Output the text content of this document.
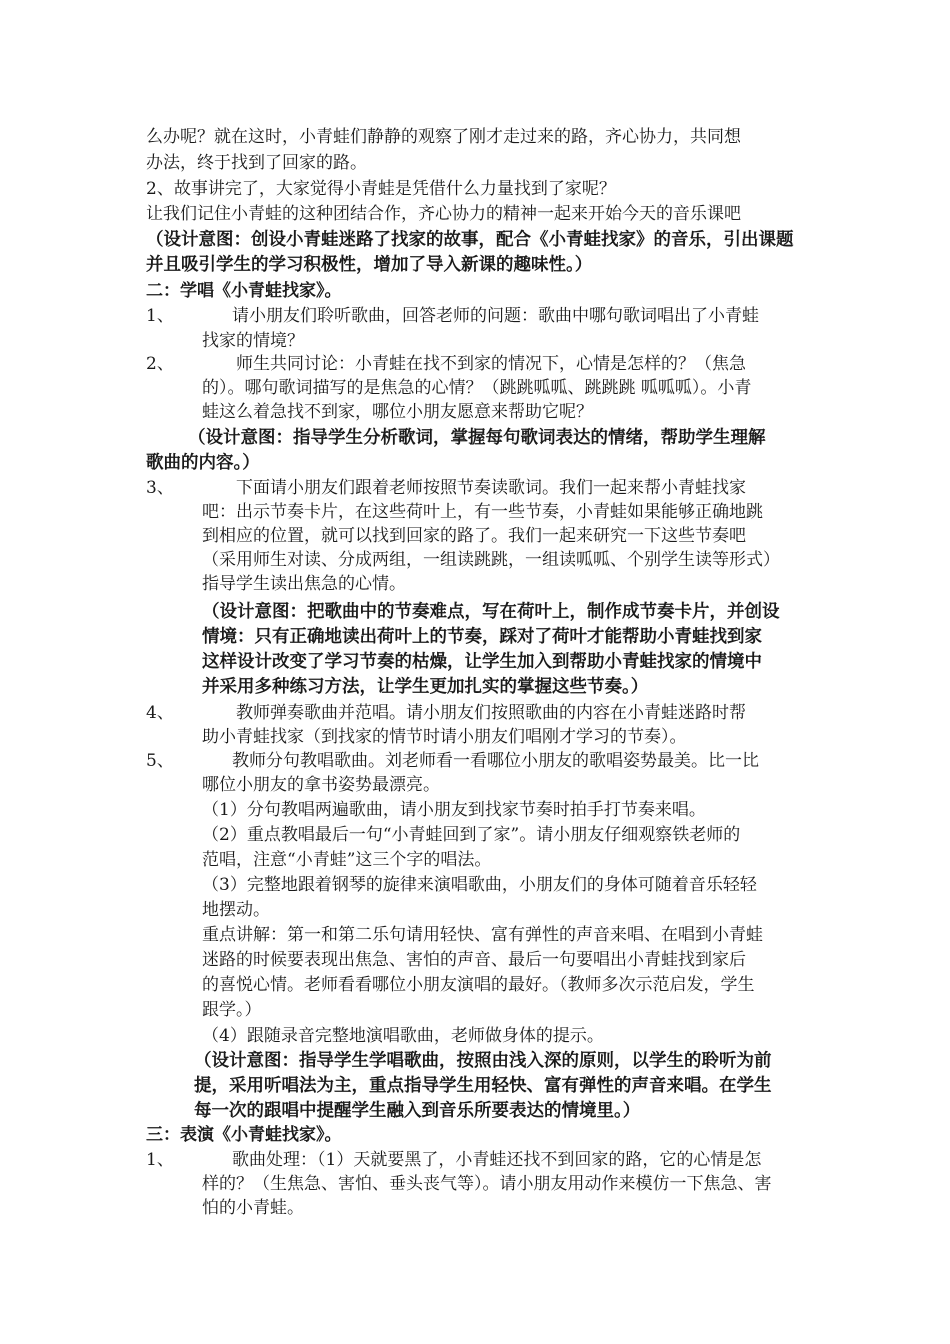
么办呢？就在这时，小青蛙们静静的观察了刚才走过来的路，齐心协力，共同想
办法，终于找到了回家的路。
2、故事讲完了，大家觉得小青蛙是凭借什么力量找到了家呢？
让我们记住小青蛙的这种团结合作，齐心协力的精神一起来开始今天的音乐课吧
（设计意图：创设小青蛙迷路了找家的故事，配合《小青蛙找家》的音乐，引出课题
并且吸引学生的学习积极性，增加了导入新课的趣味性。）
二：学唱《小青蛙找家》。
1、	请小朋友们聆听歌曲，回答老师的问题：歌曲中哪句歌词唱出了小青蛙
找家的情境？
2、	师生共同讨论：小青蛙在找不到家的情况下，心情是怎样的？（焦急
的）。哪句歌词描写的是焦急的心情？（跳跳呱呱、跳跳跳 呱呱呱）。小青
蛙这么着急找不到家，哪位小朋友愿意来帮助它呢？
（设计意图：指导学生分析歌词，掌握每句歌词表达的情绪，帮助学生理解
歌曲的内容。）
3、	下面请小朋友们跟着老师按照节奏读歌词。我们一起来帮小青蛙找家
吧：出示节奏卡片，在这些荷叶上，有一些节奏，小青蛙如果能够正确地跳
到相应的位置，就可以找到回家的路了。我们一起来研究一下这些节奏吧
（采用师生对读、分成两组，一组读跳跳，一组读呱呱、个别学生读等形式）
指导学生读出焦急的心情。
（设计意图：把歌曲中的节奏难点，写在荷叶上，制作成节奏卡片，并创设
情境：只有正确地读出荷叶上的节奏，踩对了荷叶才能帮助小青蛙找到家
这样设计改变了学习节奏的枯燥，让学生加入到帮助小青蛙找家的情境中
并采用多种练习方法，让学生更加扎实的掌握这些节奏。）
4、	教师弹奏歌曲并范唱。请小朋友们按照歌曲的内容在小青蛙迷路时帮
助小青蛙找家（到找家的情节时请小朋友们唱刚才学习的节奏）。
5、	教师分句教唱歌曲。刘老师看一看哪位小朋友的歌唱姿势最美。比一比
哪位小朋友的拿书姿势最漂亮。
（1）分句教唱两遍歌曲，请小朋友到找家节奏时拍手打节奏来唱。
（2）重点教唱最后一句“小青蛙回到了家”。请小朋友仔细观察铁老师的
范唱，注意“小青蛙”这三个字的唱法。
（3）完整地跟着钢琴的旋律来演唱歌曲，小朋友们的身体可随着音乐轻轻
地摆动。
重点讲解：第一和第二乐句请用轻快、富有弹性的声音来唱、在唱到小青蛙
迷路的时候要表现出焦急、害怕的声音、最后一句要唱出小青蛙找到家后
的喜悦心情。老师看看哪位小朋友演唱的最好。（教师多次示范启发，学生
跟学。）
（4）跟随录音完整地演唱歌曲，老师做身体的提示。
（设计意图：指导学生学唱歌曲，按照由浅入深的原则，以学生的聆听为前
提，采用听唱法为主，重点指导学生用轻快、富有弹性的声音来唱。在学生
每一次的跟唱中提醒学生融入到音乐所要表达的情境里。）
三：表演《小青蛙找家》。
1、	歌曲处理：（1）天就要黑了，小青蛙还找不到回家的路，它的心情是怎
样的？（生焦急、害怕、垂头丧气等）。请小朋友用动作来模仿一下焦急、害
怕的小青蛙。
